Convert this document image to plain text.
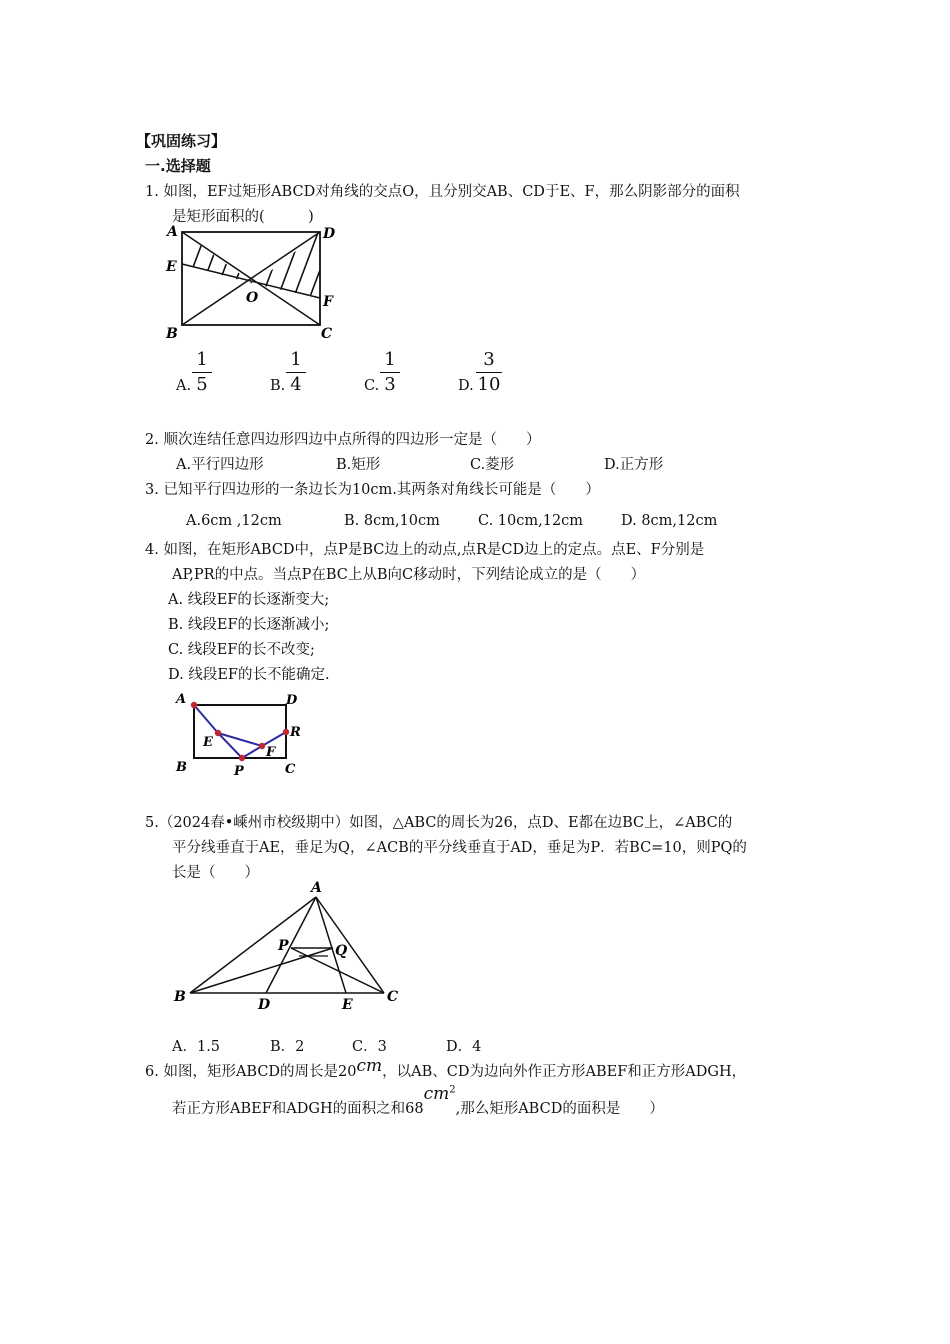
【巩固练习】
一.选择题
1. 如图，EF过矩形ABCD对角线的交点O，且分别交AB、CD于E、F，那么阴影部分的面积
是矩形面积的(　　　)
A	D
E
O	F
B	C
A.
1
5	B.
1
4	C.
1
3	D.
3
10
2. 顺次连结任意四边形四边中点所得的四边形一定是（　　）
A.平行四边形	B.矩形	C.菱形	D.正方形
3. 已知平行四边形的一条边长为10cm.其两条对角线长可能是（　　）
A.6cm ,12cm	B. 8cm,10cm	C. 10cm,12cm	D. 8cm,12cm
4. 如图，在矩形ABCD中，点P是BC边上的动点,点R是CD边上的定点。点E、F分别是
AP,PR的中点。当点P在BC上从B向C移动时，下列结论成立的是（　　）
A. 线段EF的长逐渐变大;
B. 线段EF的长逐渐减小;
C. 线段EF的长不改变;
D. 线段EF的长不能确定.
A	D
E
R
F
B	P	C
5.（2024春•嵊州市校级期中）如图，△ABC的周长为26，点D、E都在边BC上，∠ABC的
平分线垂直于AE，垂足为Q，∠ACB的平分线垂直于AD，垂足为P．若BC=10，则PQ的
长是（　　）
A
P	Q
B	D	E C
A．1.5	B．2	C．3	D．4
6. 如图，矩形ABCD的周长是20cm，以AB、CD为边向外作正方形ABEF和正方形ADGH，
若正方形ABEF和ADGH的面积之和$68cm^2$,那么矩形ABCD的面积是　　）
